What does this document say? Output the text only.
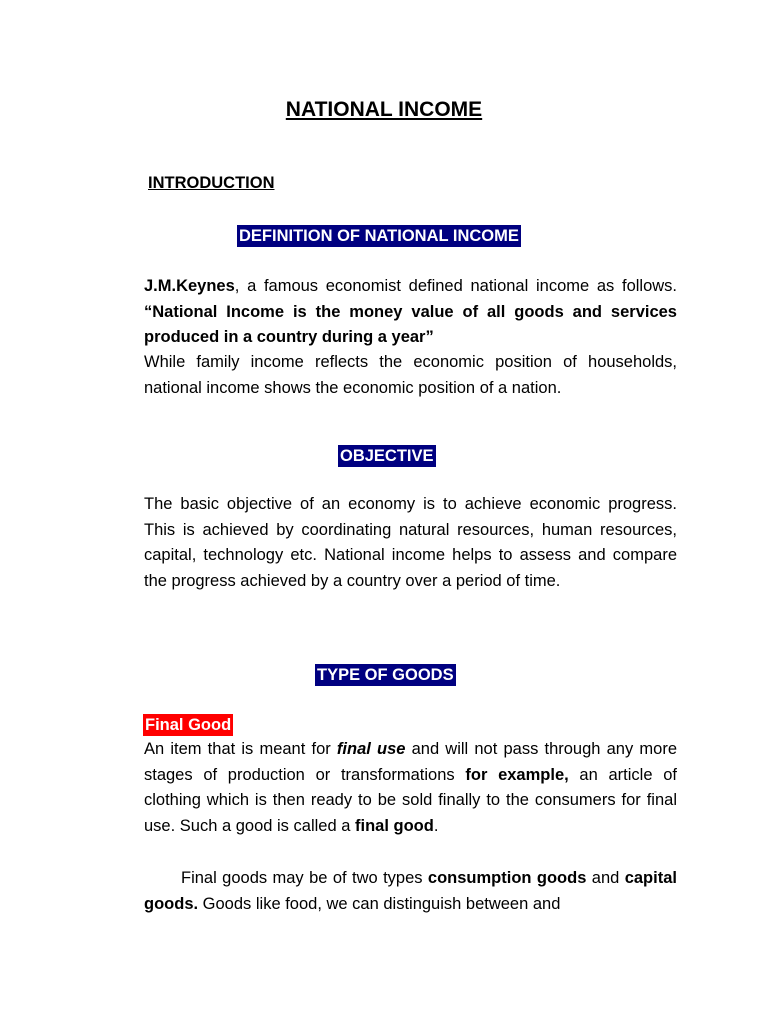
NATIONAL INCOME
INTRODUCTION
DEFINITION OF NATIONAL INCOME

J.M.Keynes, a famous economist defined national income as follows. “National Income is the money value of all goods and services produced in a country during a year”

While family income reflects the economic position of households, national income shows the economic position of a nation.

OBJECTIVE

The basic objective of an economy is to achieve economic progress. This is achieved by coordinating natural resources, human resources, capital, technology etc. National income helps to assess and compare the progress achieved by a country over a period of time.

TYPE OF GOODS
Final Good

An item that is meant for final use and will not pass through any more stages of production or transformations for example, an article of clothing which is then ready to be sold finally to the consumers for final use. Such a good is called a final good.

Final goods may be of two types consumption goods and capital goods. Goods like food, we can distinguish between and
